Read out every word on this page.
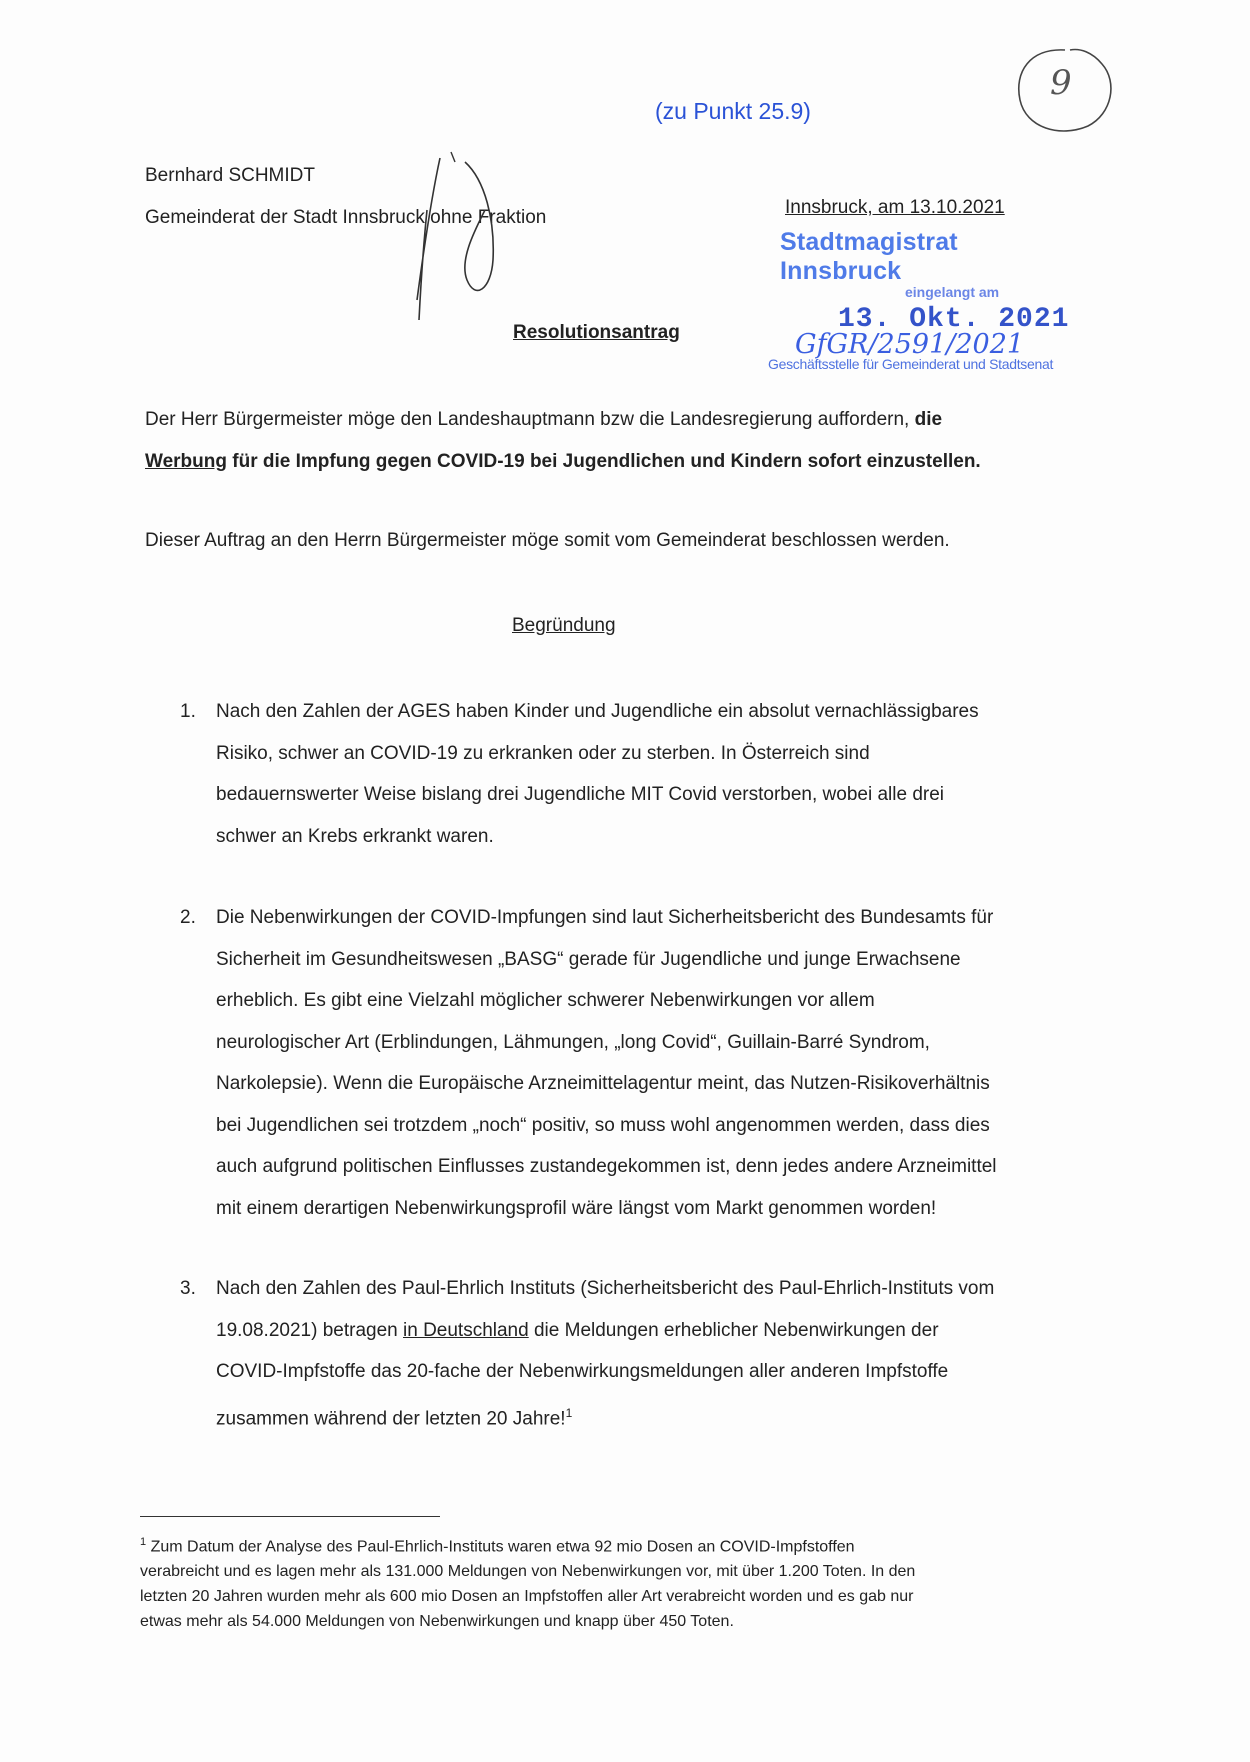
(zu Punkt 25.9)
9
Bernhard SCHMIDT
Gemeinderat der Stadt Innsbruck ohne Fraktion	Innsbruck, am 13.10.2021
Stadtmagistrat Innsbruck
eingelangt am
13. Okt. 2021
GfGR/2591/2021
Geschäftsstelle für Gemeinderat und Stadtsenat
Resolutionsantrag
Der Herr Bürgermeister möge den Landeshauptmann bzw die Landesregierung auffordern, die
Werbung für die Impfung gegen COVID-19 bei Jugendlichen und Kindern sofort einzustellen.
Dieser Auftrag an den Herrn Bürgermeister möge somit vom Gemeinderat beschlossen werden.
Begründung
1. Nach den Zahlen der AGES haben Kinder und Jugendliche ein absolut vernachlässigbares
Risiko, schwer an COVID-19 zu erkranken oder zu sterben. In Österreich sind
bedauernswerter Weise bislang drei Jugendliche MIT Covid verstorben, wobei alle drei
schwer an Krebs erkrankt waren.
2. Die Nebenwirkungen der COVID-Impfungen sind laut Sicherheitsbericht des Bundesamts für
Sicherheit im Gesundheitswesen „BASG“ gerade für Jugendliche und junge Erwachsene
erheblich. Es gibt eine Vielzahl möglicher schwerer Nebenwirkungen vor allem
neurologischer Art (Erblindungen, Lähmungen, „long Covid“, Guillain-Barré Syndrom,
Narkolepsie). Wenn die Europäische Arzneimittelagentur meint, das Nutzen-Risikoverhältnis
bei Jugendlichen sei trotzdem „noch“ positiv, so muss wohl angenommen werden, dass dies
auch aufgrund politischen Einflusses zustandegekommen ist, denn jedes andere Arzneimittel
mit einem derartigen Nebenwirkungsprofil wäre längst vom Markt genommen worden!
3. Nach den Zahlen des Paul-Ehrlich Instituts (Sicherheitsbericht des Paul-Ehrlich-Instituts vom
19.08.2021) betragen in Deutschland die Meldungen erheblicher Nebenwirkungen der
COVID-Impfstoffe das 20-fache der Nebenwirkungsmeldungen aller anderen Impfstoffe
zusammen während der letzten 20 Jahre!$^1$
$^1$ Zum Datum der Analyse des Paul-Ehrlich-Instituts waren etwa 92 mio Dosen an COVID-Impfstoffen
verabreicht und es lagen mehr als 131.000 Meldungen von Nebenwirkungen vor, mit über 1.200 Toten. In den
letzten 20 Jahren wurden mehr als 600 mio Dosen an Impfstoffen aller Art verabreicht worden und es gab nur
etwas mehr als 54.000 Meldungen von Nebenwirkungen und knapp über 450 Toten.
